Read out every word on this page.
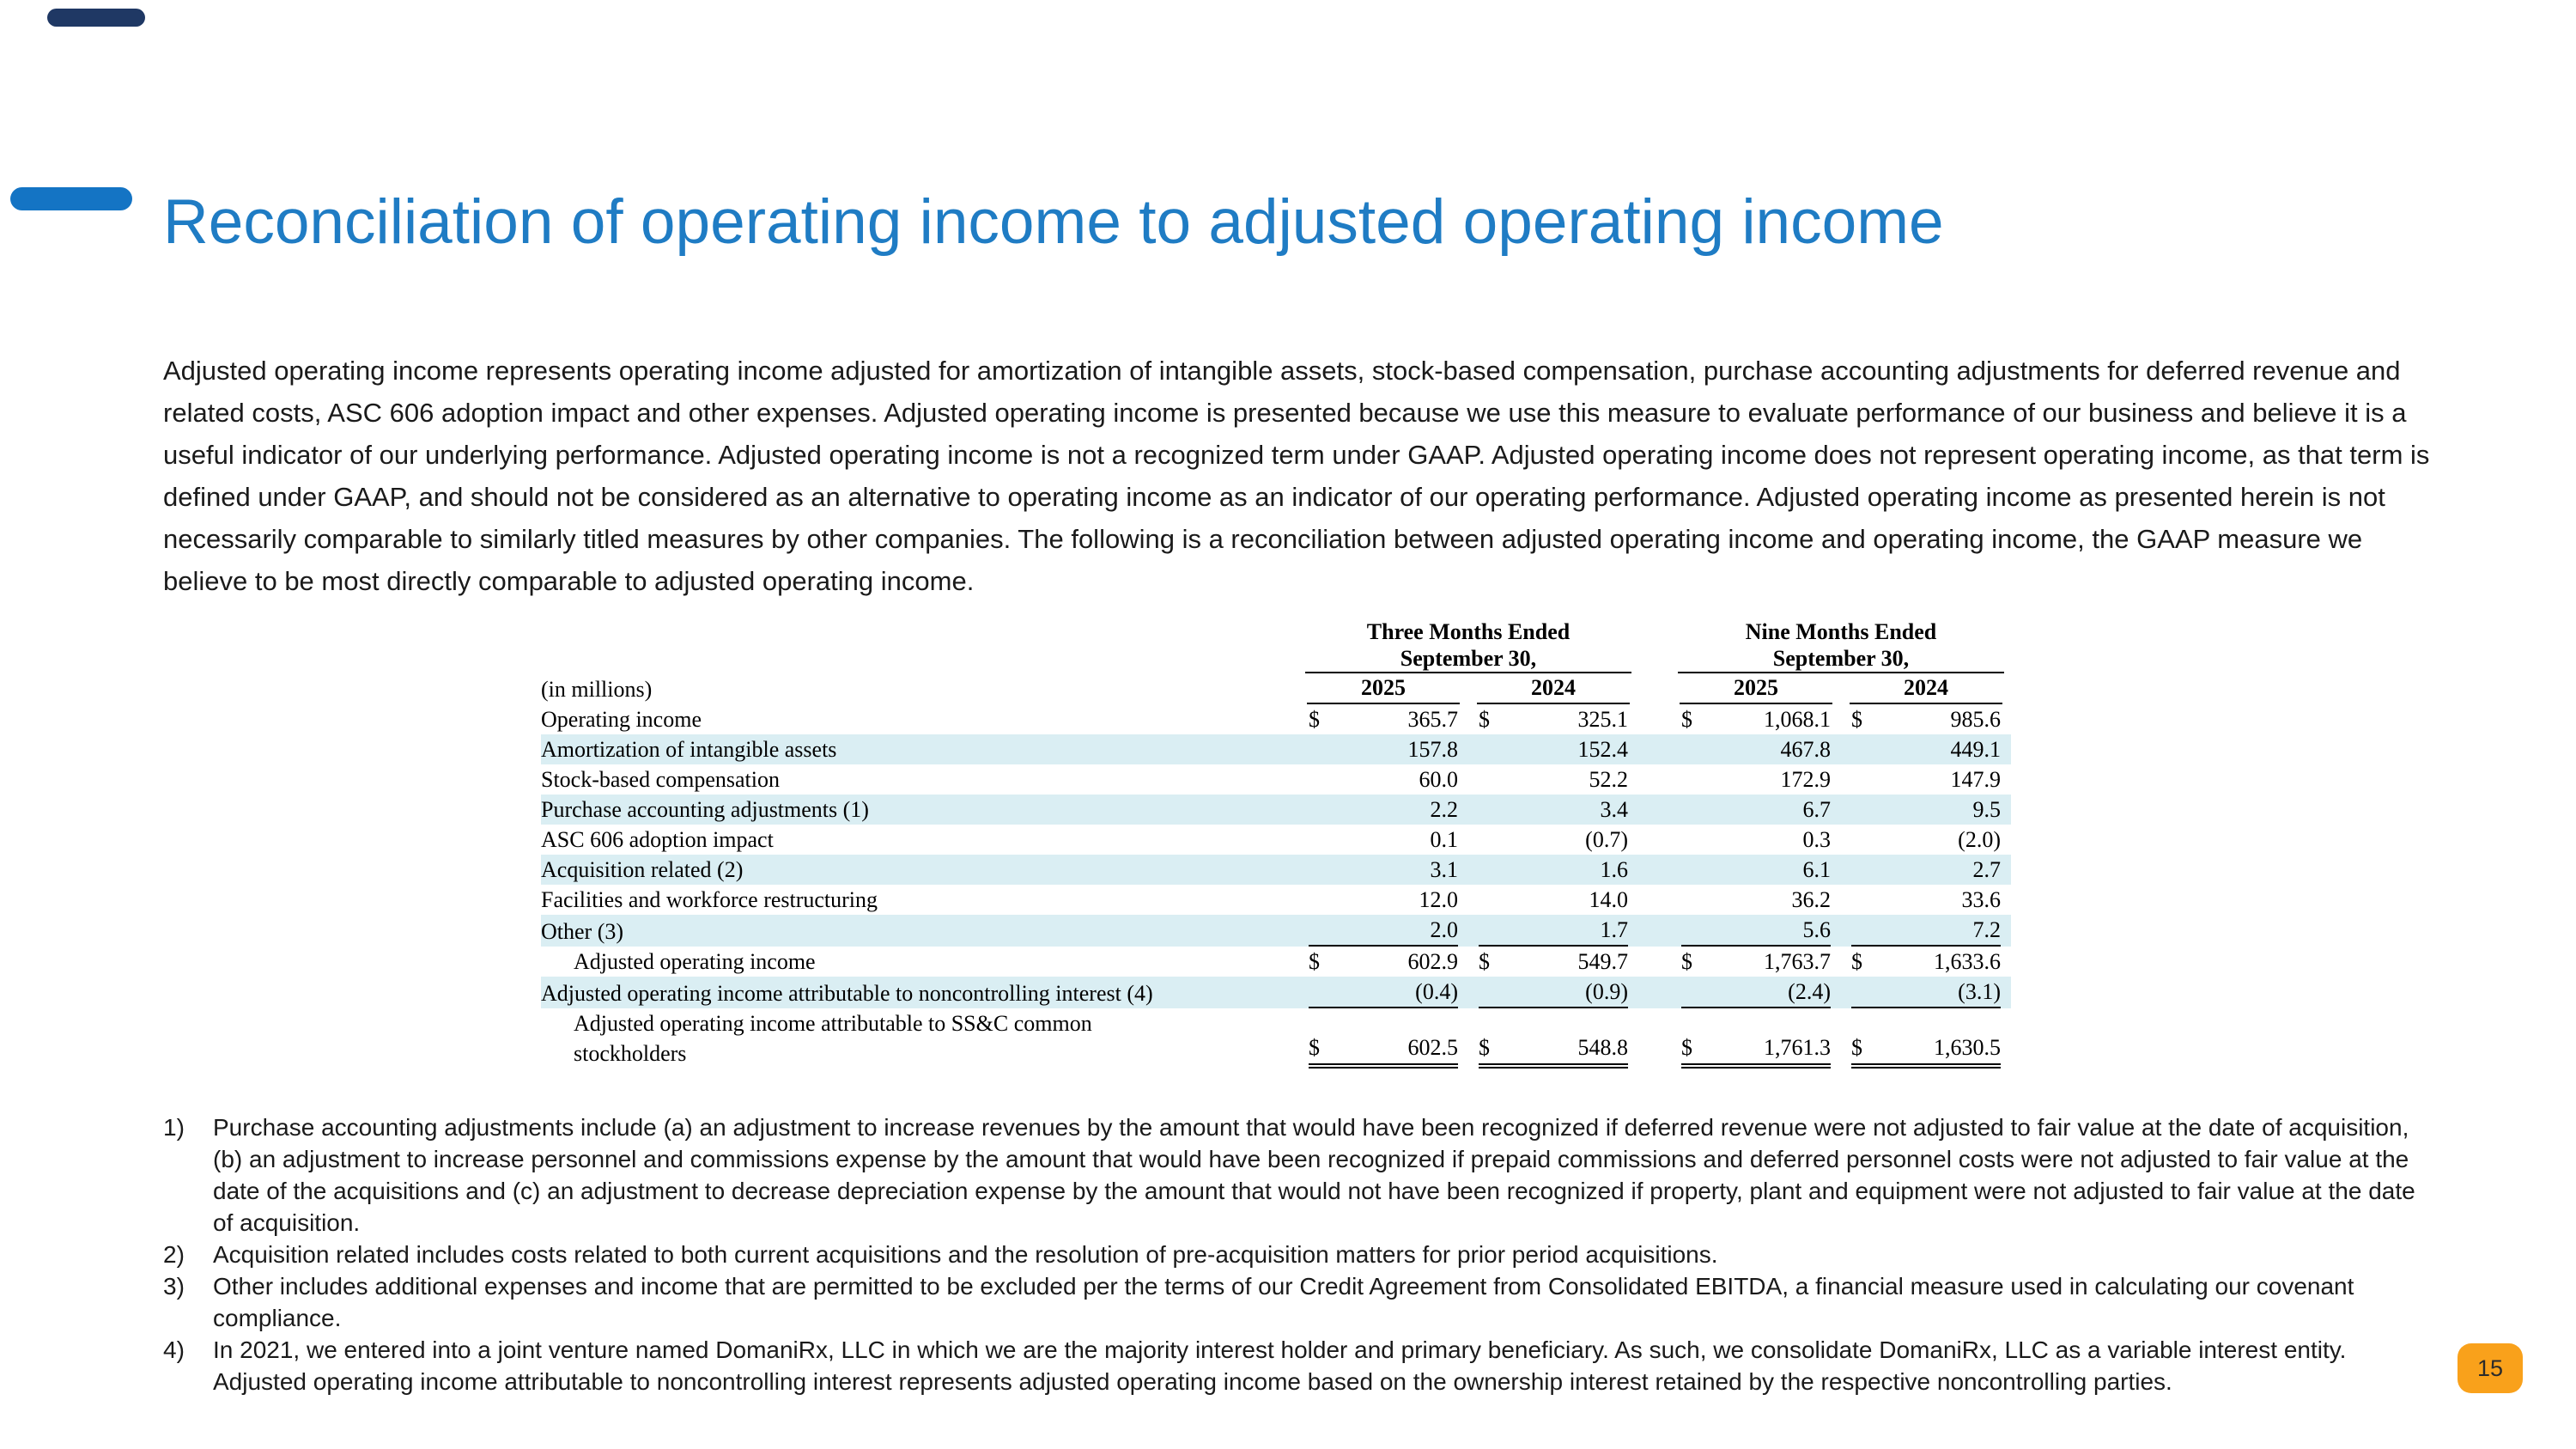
Reconciliation of operating income to adjusted operating income

Adjusted operating income represents operating income adjusted for amortization of intangible assets, stock-based compensation, purchase accounting adjustments for deferred revenue and related costs, ASC 606 adoption impact and other expenses. Adjusted operating income is presented because we use this measure to evaluate performance of our business and believe it is a useful indicator of our underlying performance. Adjusted operating income is not a recognized term under GAAP. Adjusted operating income does not represent operating income, as that term is defined under GAAP, and should not be considered as an alternative to operating income as an indicator of our operating performance. Adjusted operating income as presented herein is not necessarily comparable to similarly titled measures by other companies. The following is a reconciliation between adjusted operating income and operating income, the GAAP measure we believe to be most directly comparable to adjusted operating income.

	Three Months Ended			Nine Months Ended	

	September 30,			September 30,	

(in millions)	2025	2024		2025	2024

Operating income	$ 365.7	$ 325.1		$ 1,068.1	$ 985.6

Amortization of intangible assets	157.8	152.4		467.8	449.1

Stock-based compensation	60.0	52.2		172.9	147.9

Purchase accounting adjustments (1)	2.2	3.4		6.7	9.5

ASC 606 adoption impact	0.1	(0.7)		0.3	(2.0)

Acquisition related (2)	3.1	1.6		6.1	2.7

Facilities and workforce restructuring	12.0	14.0		36.2	33.6

Other (3)	2.0	1.7		5.6	7.2

Adjusted operating income	$ 602.9	$ 549.7		$ 1,763.7	$ 1,633.6

Adjusted operating income attributable to noncontrolling interest (4)	(0.4)	(0.9)		(2.4)	(3.1)

Adjusted operating income attributable to SS&C common stockholders	$ 602.5	$ 548.8		$ 1,761.3	$ 1,630.5
1)	Purchase accounting adjustments include (a) an adjustment to increase revenues by the amount that would have been recognized if deferred revenue were not adjusted to fair value at the date of acquisition, (b) an adjustment to increase personnel and commissions expense by the amount that would have been recognized if prepaid commissions and deferred personnel costs were not adjusted to fair value at the date of the acquisitions and (c) an adjustment to decrease depreciation expense by the amount that would not have been recognized if property, plant and equipment were not adjusted to fair value at the date of acquisition.
2)	Acquisition related includes costs related to both current acquisitions and the resolution of pre-acquisition matters for prior period acquisitions.
3)	Other includes additional expenses and income that are permitted to be excluded per the terms of our Credit Agreement from Consolidated EBITDA, a financial measure used in calculating our covenant compliance.
4)	In 2021, we entered into a joint venture named DomaniRx, LLC in which we are the majority interest holder and primary beneficiary. As such, we consolidate DomaniRx, LLC as a variable interest entity. Adjusted operating income attributable to noncontrolling interest represents adjusted operating income based on the ownership interest retained by the respective noncontrolling parties.
15
